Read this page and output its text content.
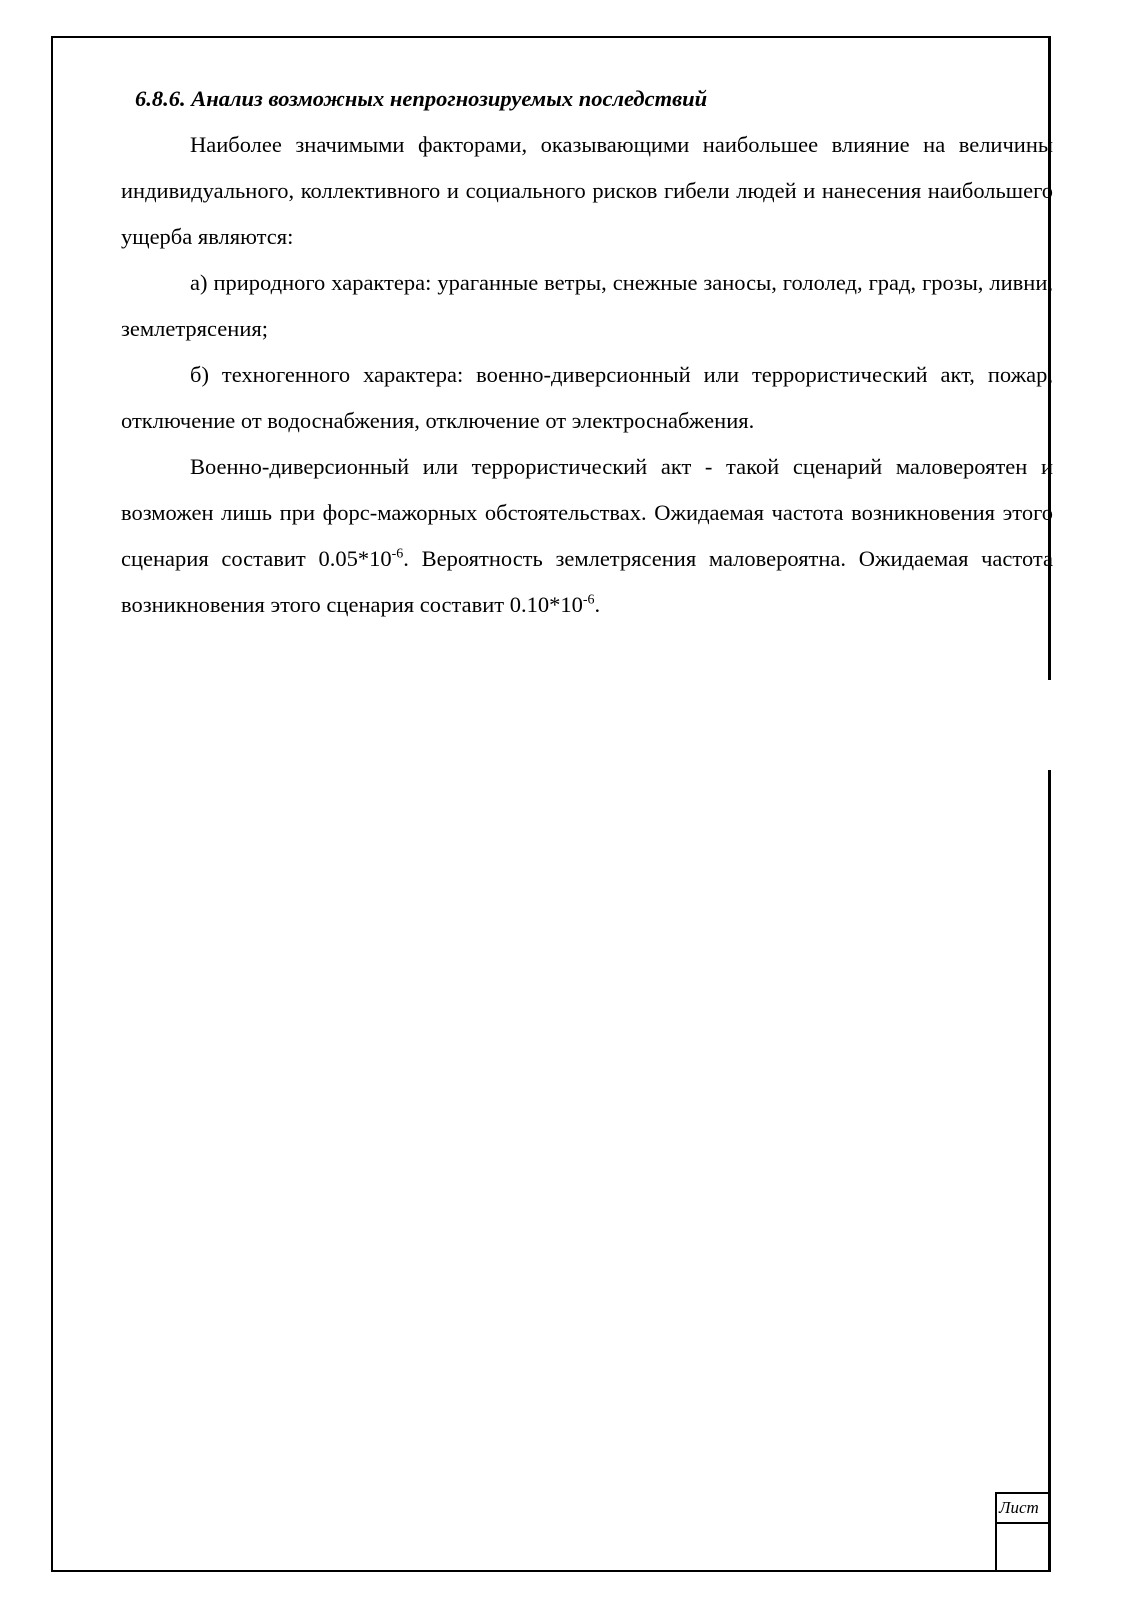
6.8.6. Анализ возможных непрогнозируемых последствий

Наиболее значимыми факторами, оказывающими наибольшее влияние на величины индивидуального, коллективного и социального рисков гибели людей и нанесения наибольшего ущерба являются:

а) природного характера: ураганные ветры, снежные заносы, гололед, град, грозы, ливни, землетрясения;

б) техногенного характера: военно-диверсионный или террористический акт, пожар, отключение от водоснабжения, отключение от электроснабжения.

Военно-диверсионный или террористический акт - такой сценарий маловероятен и возможен лишь при форс-мажорных обстоятельствах. Ожидаемая частота возникновения этого сценария составит $0.05*10^{-6}$. Вероятность землетрясения маловероятна. Ожидаемая частота возникновения этого сценария составит $0.10*10^{-6}$.

Лист
